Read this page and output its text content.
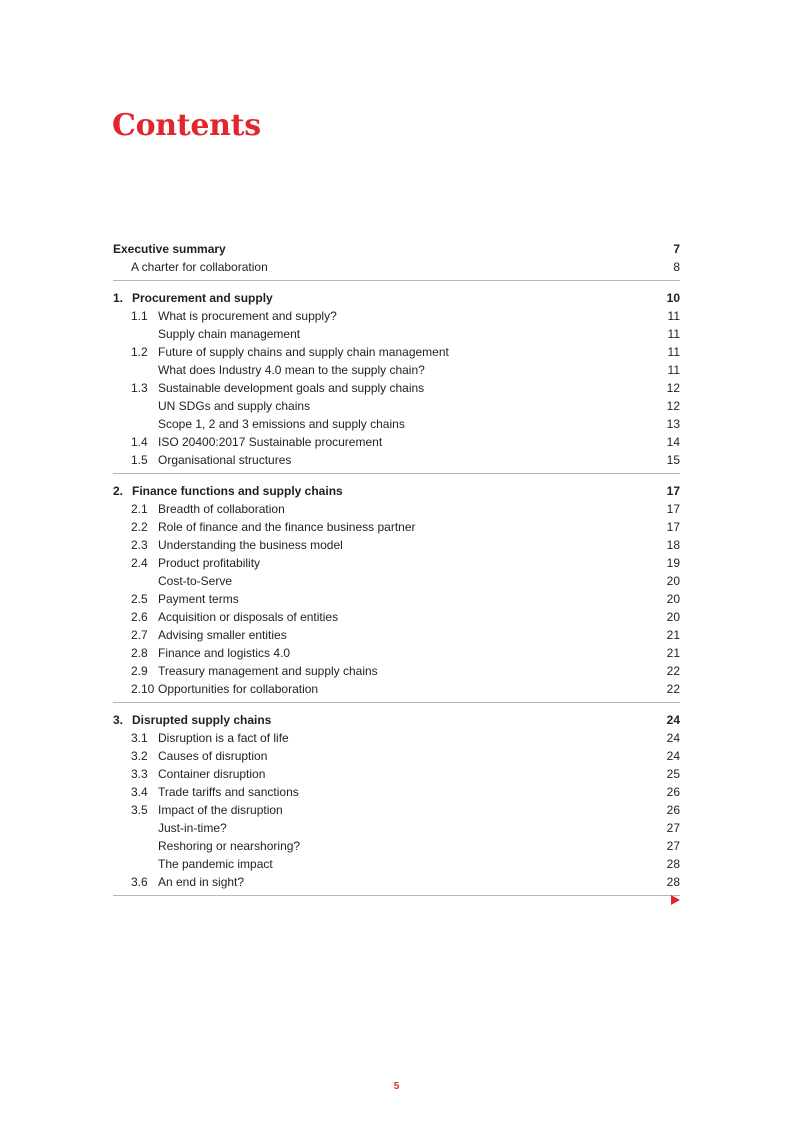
Contents
Executive summary	7
A charter for collaboration	8
1. Procurement and supply	10
1.1 What is procurement and supply?	11
Supply chain management	11
1.2 Future of supply chains and supply chain management	11
What does Industry 4.0 mean to the supply chain?	11
1.3 Sustainable development goals and supply chains	12
UN SDGs and supply chains	12
Scope 1, 2 and 3 emissions and supply chains	13
1.4 ISO 20400:2017 Sustainable procurement	14
1.5 Organisational structures	15
2. Finance functions and supply chains	17
2.1 Breadth of collaboration	17
2.2 Role of finance and the finance business partner	17
2.3 Understanding the business model	18
2.4 Product profitability	19
Cost-to-Serve	20
2.5 Payment terms	20
2.6 Acquisition or disposals of entities	20
2.7 Advising smaller entities	21
2.8 Finance and logistics 4.0	21
2.9 Treasury management and supply chains	22
2.10 Opportunities for collaboration	22
3. Disrupted supply chains	24
3.1 Disruption is a fact of life	24
3.2 Causes of disruption	24
3.3 Container disruption	25
3.4 Trade tariffs and sanctions	26
3.5 Impact of the disruption	26
Just-in-time?	27
Reshoring or nearshoring?	27
The pandemic impact	28
3.6 An end in sight?	28
5
